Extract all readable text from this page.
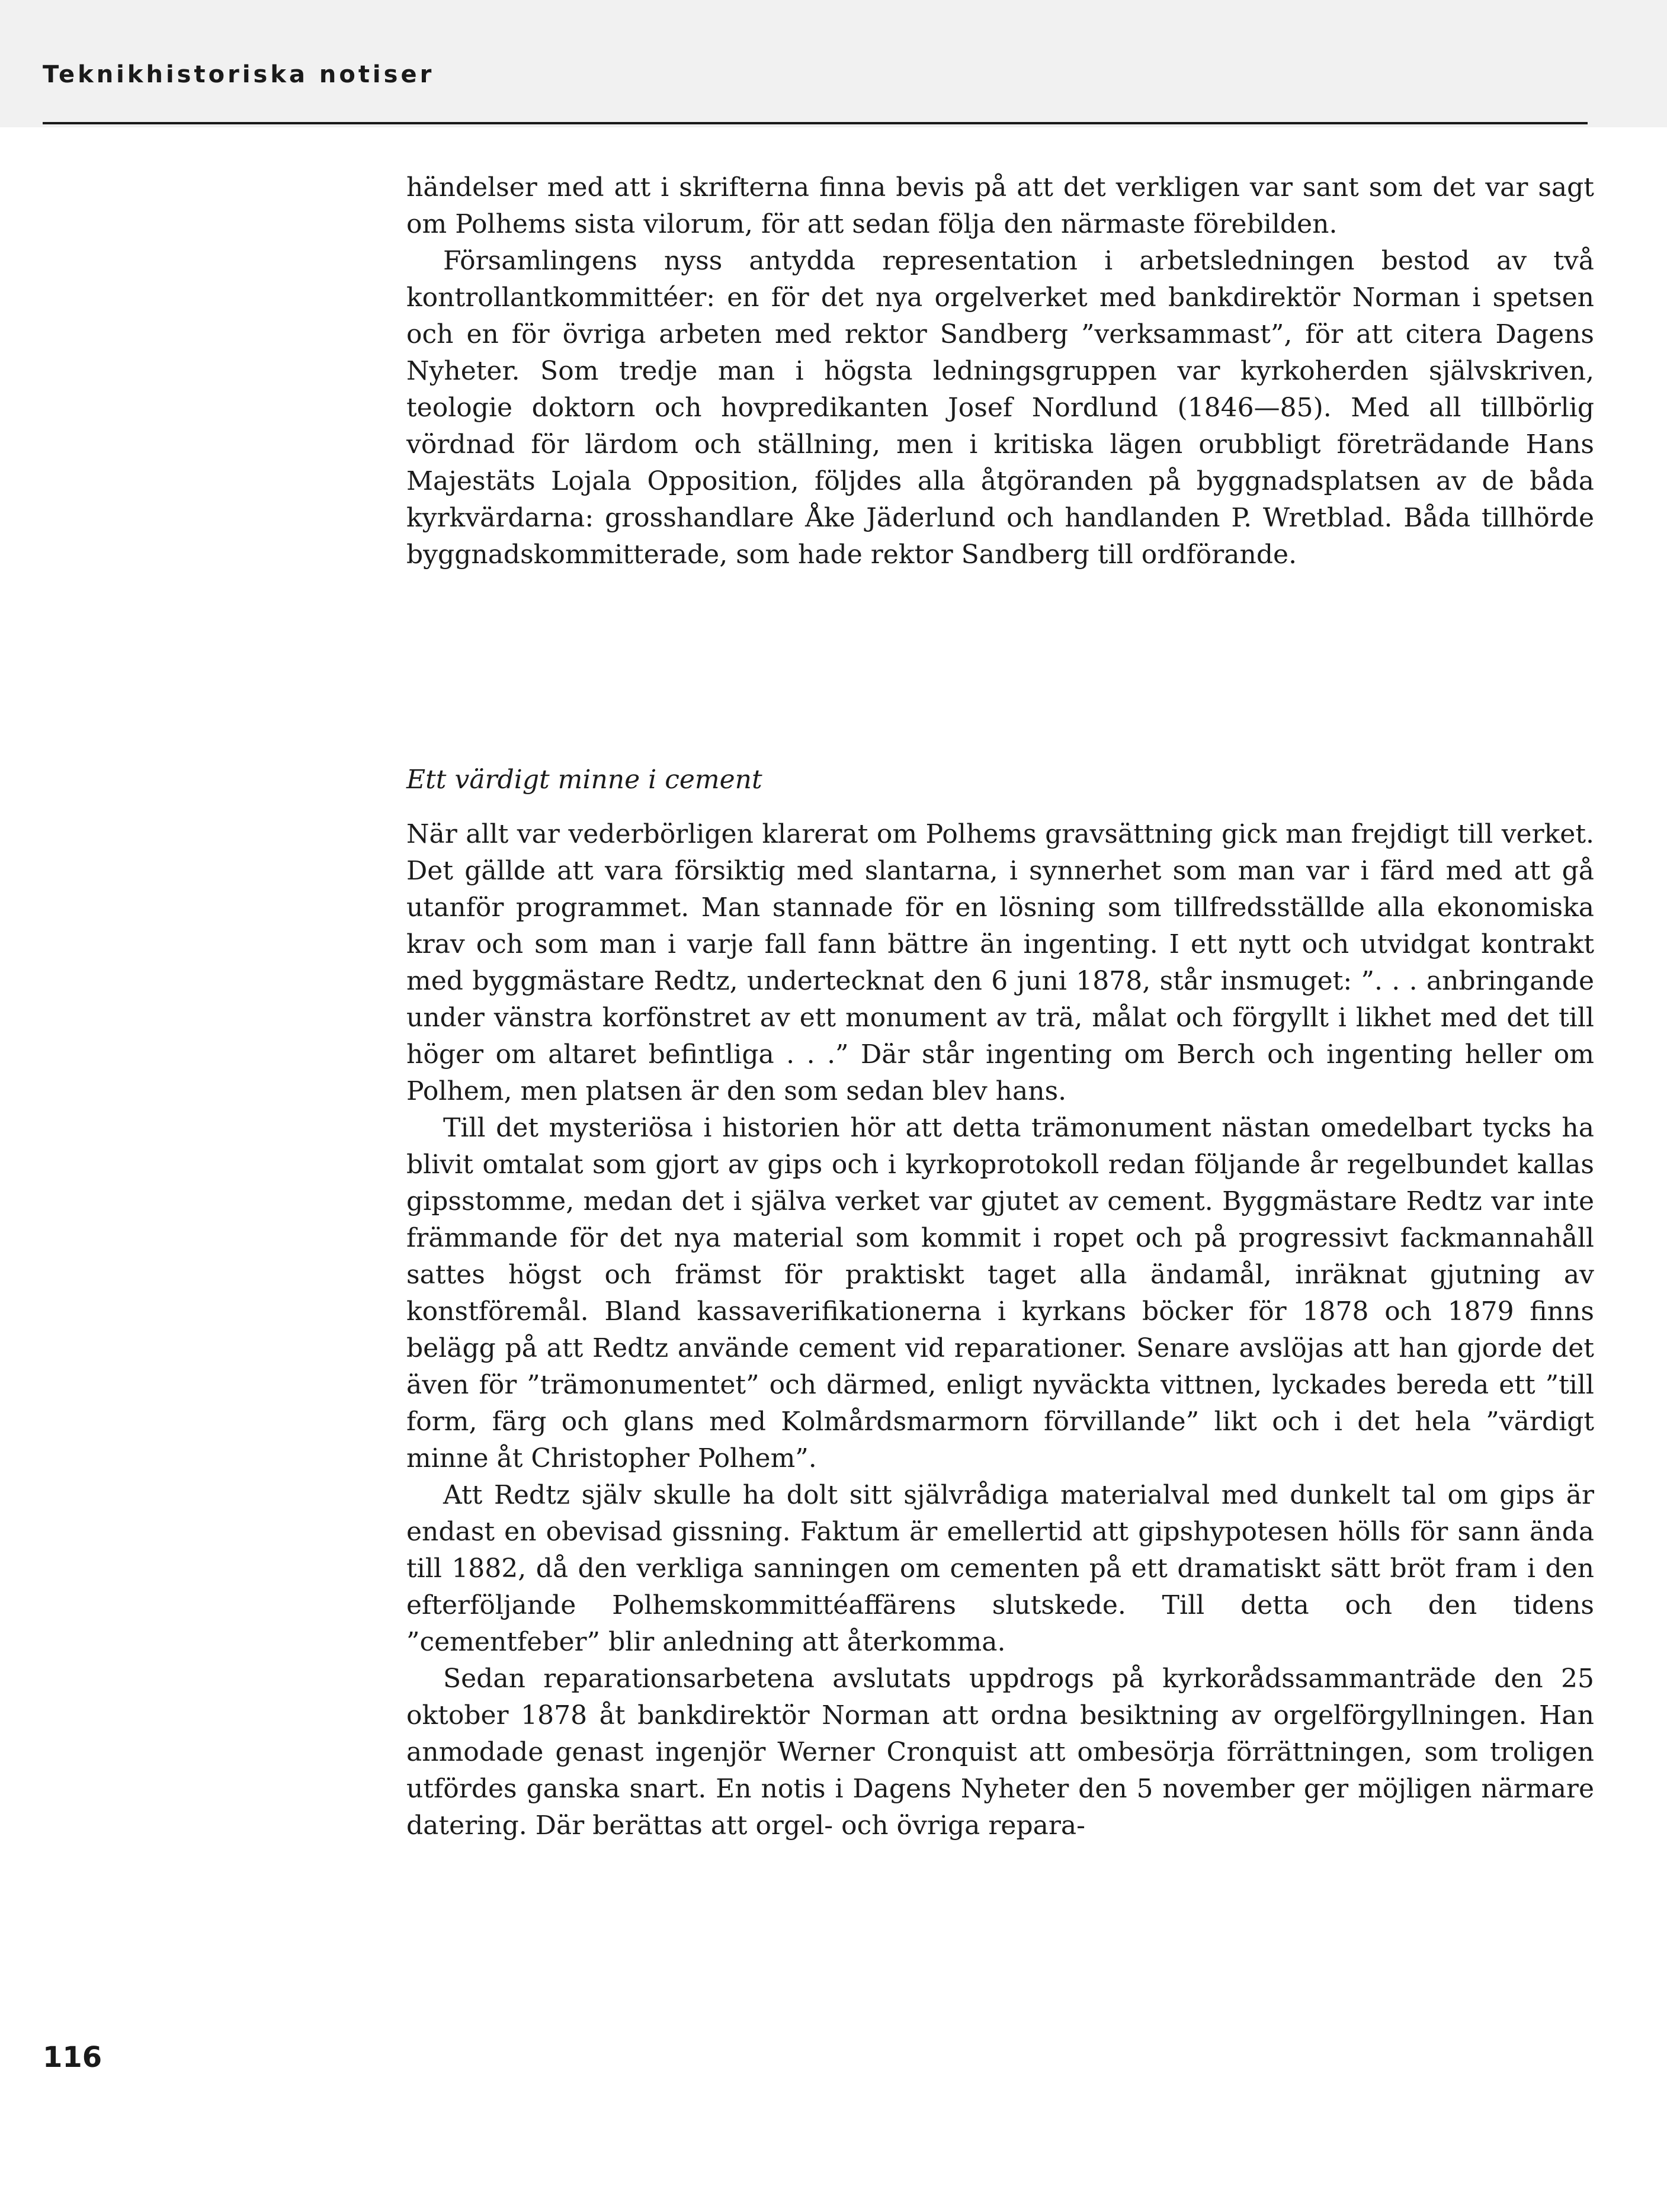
Teknikhistoriska notiser

händelser med att i skrifterna finna bevis på att det verkligen var sant som det var sagt om Polhems sista vilorum, för att sedan följa den närmaste förebilden.

Församlingens nyss antydda representation i arbetsledningen bestod av två kontrollantkommittéer: en för det nya orgelverket med bankdirektör Norman i spetsen och en för övriga arbeten med rektor Sandberg ”verksammast”, för att citera Dagens Nyheter. Som tredje man i högsta ledningsgruppen var kyrkoherden självskriven, teologie doktorn och hovpredikanten Josef Nordlund (1846—85). Med all tillbörlig vördnad för lärdom och ställning, men i kritiska lägen orubbligt företrädande Hans Majestäts Lojala Opposition, följdes alla åtgöranden på byggnadsplatsen av de båda kyrkvärdarna: grosshandlare Åke Jäderlund och handlanden P. Wretblad. Båda tillhörde byggnadskommitterade, som hade rektor Sandberg till ordförande.

Ett värdigt minne i cement

När allt var vederbörligen klarerat om Polhems gravsättning gick man frejdigt till verket. Det gällde att vara försiktig med slantarna, i synnerhet som man var i färd med att gå utanför programmet. Man stannade för en lösning som tillfredsställde alla ekonomiska krav och som man i varje fall fann bättre än ingenting. I ett nytt och utvidgat kontrakt med byggmästare Redtz, undertecknat den 6 juni 1878, står insmuget: ”. . . anbringande under vänstra korfönstret av ett monument av trä, målat och förgyllt i likhet med det till höger om altaret befintliga . . .” Där står ingenting om Berch och ingenting heller om Polhem, men platsen är den som sedan blev hans.

Till det mysteriösa i historien hör att detta trämonument nästan omedelbart tycks ha blivit omtalat som gjort av gips och i kyrkoprotokoll redan följande år regelbundet kallas gipsstomme, medan det i själva verket var gjutet av cement. Byggmästare Redtz var inte främmande för det nya material som kommit i ropet och på progressivt fackmannahåll sattes högst och främst för praktiskt taget alla ändamål, inräknat gjutning av konstföremål. Bland kassaverifikationerna i kyrkans böcker för 1878 och 1879 finns belägg på att Redtz använde cement vid reparationer. Senare avslöjas att han gjorde det även för ”trämonumentet” och därmed, enligt nyväckta vittnen, lyckades bereda ett ”till form, färg och glans med Kolmårdsmarmorn förvillande” likt och i det hela ”värdigt minne åt Christopher Polhem”.

Att Redtz själv skulle ha dolt sitt självrådiga materialval med dunkelt tal om gips är endast en obevisad gissning. Faktum är emellertid att gipshypotesen hölls för sann ända till 1882, då den verkliga sanningen om cementen på ett dramatiskt sätt bröt fram i den efterföljande Polhemskommittéaffärens slutskede. Till detta och den tidens ”cementfeber” blir anledning att återkomma.

Sedan reparationsarbetena avslutats uppdrogs på kyrkorådssammanträde den 25 oktober 1878 åt bankdirektör Norman att ordna besiktning av orgelförgyllningen. Han anmodade genast ingenjör Werner Cronquist att ombesörja förrättningen, som troligen utfördes ganska snart. En notis i Dagens Nyheter den 5 november ger möjligen närmare datering. Där berättas att orgel- och övriga repara-

116
